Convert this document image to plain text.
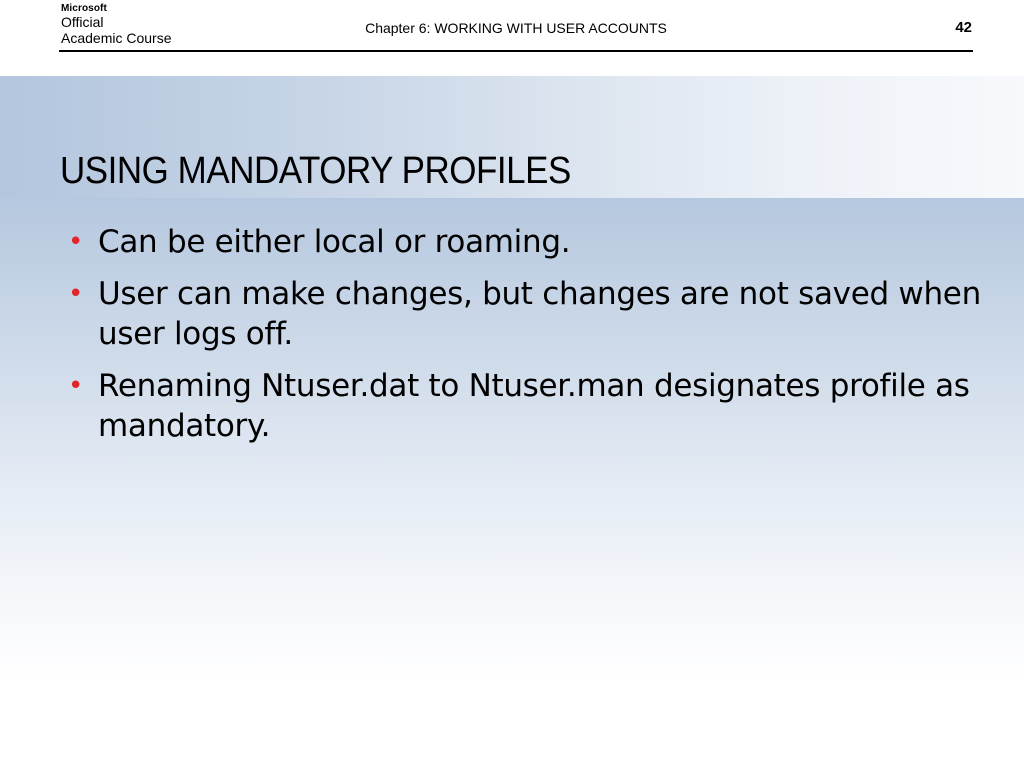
Microsoft
Official
Academic Course
Chapter 6: WORKING WITH USER ACCOUNTS	42
USING MANDATORY PROFILES
• Can be either local or roaming.
• User can make changes, but changes are not saved when user logs off.
• Renaming Ntuser.dat to Ntuser.man designates profile as mandatory.
